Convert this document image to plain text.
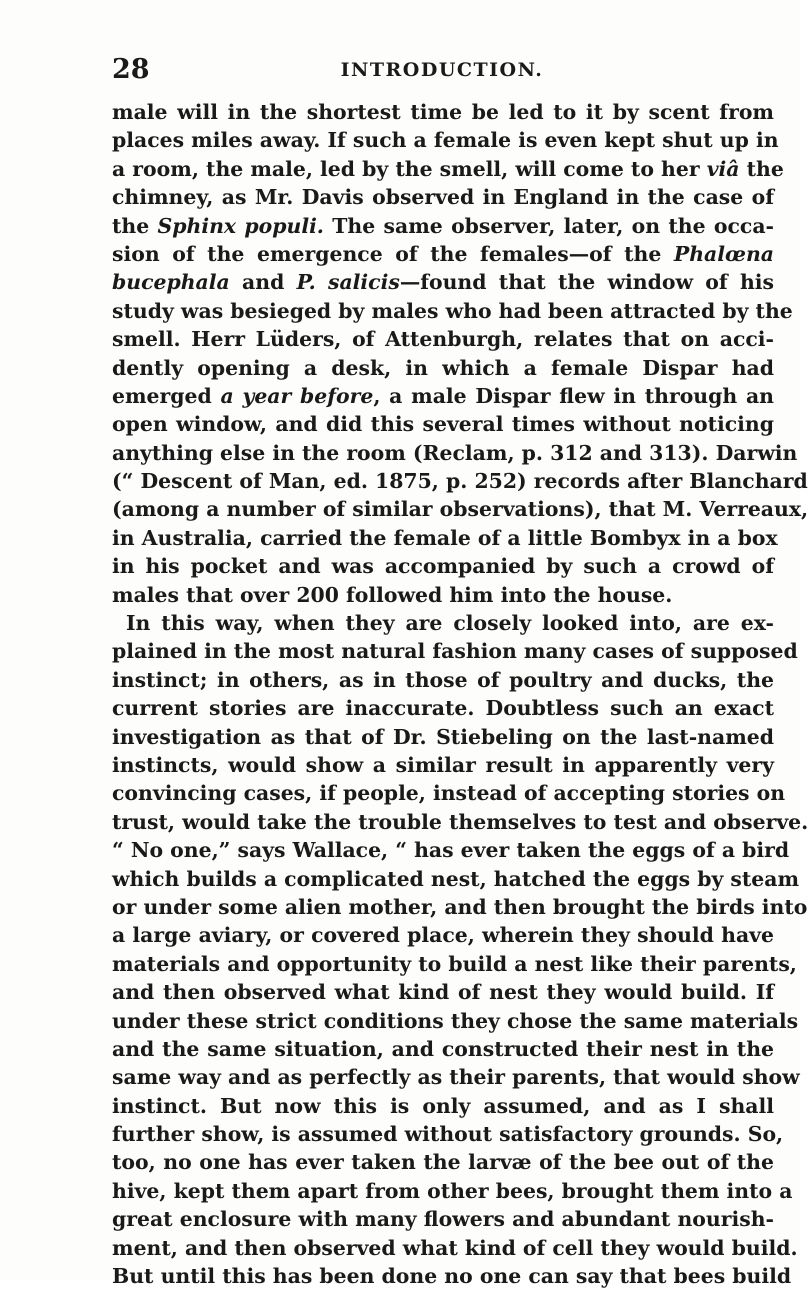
28	INTRODUCTION.
male will in the shortest time be led to it by scent from
places miles away. If such a female is even kept shut up in
a room, the male, led by the smell, will come to her viâ the
chimney, as Mr. Davis observed in England in the case of
the Sphinx populi. The same observer, later, on the occa-
sion of the emergence of the females—of the Phalœna
bucephala and P. salicis—found that the window of his
study was besieged by males who had been attracted by the
smell. Herr Lüders, of Attenburgh, relates that on acci-
dently opening a desk, in which a female Dispar had
emerged a year before, a male Dispar flew in through an
open window, and did this several times without noticing
anything else in the room (Reclam, p. 312 and 313). Darwin
(“ Descent of Man, ed. 1875, p. 252) records after Blanchard
(among a number of similar observations), that M. Verreaux,
in Australia, carried the female of a little Bombyx in a box
in his pocket and was accompanied by such a crowd of
males that over 200 followed him into the house.
In this way, when they are closely looked into, are ex-
plained in the most natural fashion many cases of supposed
instinct; in others, as in those of poultry and ducks, the
current stories are inaccurate. Doubtless such an exact
investigation as that of Dr. Stiebeling on the last-named
instincts, would show a similar result in apparently very
convincing cases, if people, instead of accepting stories on
trust, would take the trouble themselves to test and observe.
“ No one,” says Wallace, “ has ever taken the eggs of a bird
which builds a complicated nest, hatched the eggs by steam
or under some alien mother, and then brought the birds into
a large aviary, or covered place, wherein they should have
materials and opportunity to build a nest like their parents,
and then observed what kind of nest they would build. If
under these strict conditions they chose the same materials
and the same situation, and constructed their nest in the
same way and as perfectly as their parents, that would show
instinct. But now this is only assumed, and as I shall
further show, is assumed without satisfactory grounds. So,
too, no one has ever taken the larvæ of the bee out of the
hive, kept them apart from other bees, brought them into a
great enclosure with many flowers and abundant nourish-
ment, and then observed what kind of cell they would build.
But until this has been done no one can say that bees build
